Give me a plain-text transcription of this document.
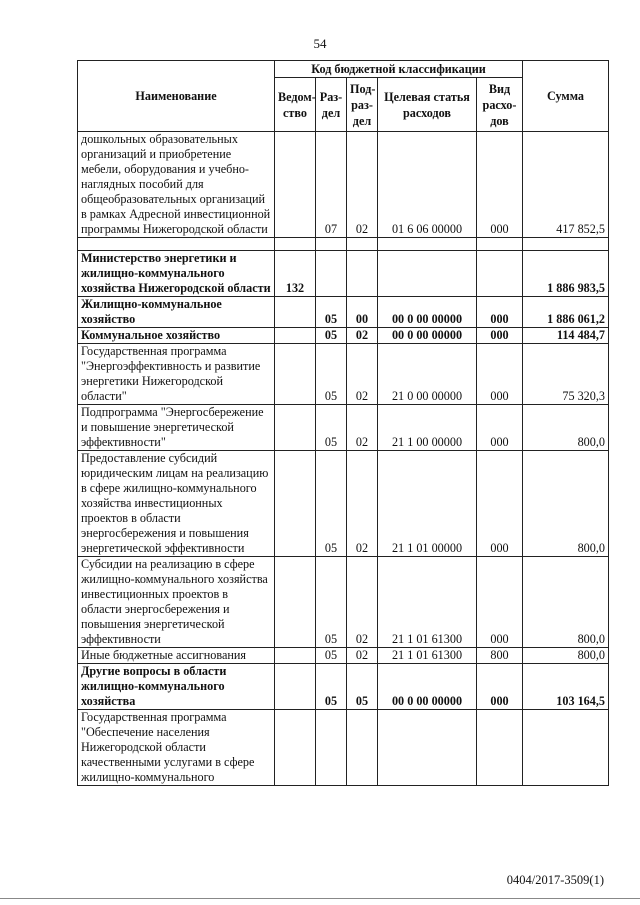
54
Наименование	Код бюджетной классификации					Сумма
	Ведом-ство	Раз-дел	Под-раз-дел	Целевая статья расходов	Вид расхо-дов	
дошкольных образовательных организаций и приобретение мебели, оборудования и учебно-наглядных пособий для общеобразовательных организаций в рамках Адресной инвестиционной программы Нижегородской области		07	02	01 6 06 00000	000	417 852,5

Министерство энергетики и жилищно-коммунального хозяйства Нижегородской области	132					1 886 983,5
Жилищно-коммунальное хозяйство		05	00	00 0 00 00000	000	1 886 061,2
Коммунальное хозяйство		05	02	00 0 00 00000	000	114 484,7
Государственная программа "Энергоэффективность и развитие энергетики Нижегородской области"		05	02	21 0 00 00000	000	75 320,3
Подпрограмма "Энергосбережение и повышение энергетической эффективности"		05	02	21 1 00 00000	000	800,0
Предоставление субсидий юридическим лицам на реализацию в сфере жилищно-коммунального хозяйства инвестиционных проектов в области энергосбережения и повышения энергетической эффективности		05	02	21 1 01 00000	000	800,0
Субсидии на реализацию в сфере жилищно-коммунального хозяйства инвестиционных проектов в области энергосбережения и повышения энергетической эффективности		05	02	21 1 01 61300	000	800,0
Иные бюджетные ассигнования		05	02	21 1 01 61300	800	800,0
Другие вопросы в области жилищно-коммунального хозяйства		05	05	00 0 00 00000	000	103 164,5
Государственная программа "Обеспечение населения Нижегородской области качественными услугами в сфере жилищно-коммунального						
0404/2017-3509(1)
